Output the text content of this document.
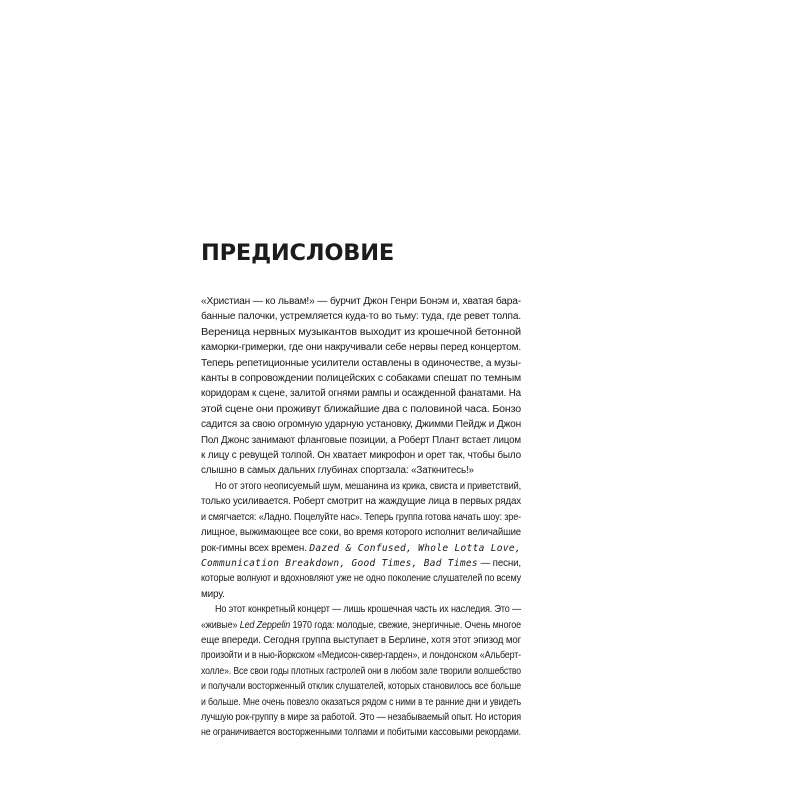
ПРЕДИСЛОВИЕ
«Христиан — ко львам!» — бурчит Джон Генри Бонэм и, хватая бара-
банные палочки, устремляется куда-то во тьму: туда, где ревет толпа.
Вереница нервных музыкантов выходит из крошечной бетонной
каморки-гримерки, где они накручивали себе нервы перед концертом.
Теперь репетиционные усилители оставлены в одиночестве, а музы-
канты в сопровождении полицейских с собаками спешат по темным
коридорам к сцене, залитой огнями рампы и осажденной фанатами. На
этой сцене они проживут ближайшие два с половиной часа. Бонзо
садится за свою огромную ударную установку, Джимми Пейдж и Джон
Пол Джонс занимают фланговые позиции, а Роберт Плант встает лицом
к лицу с ревущей толпой. Он хватает микрофон и орет так, чтобы было
слышно в самых дальних глубинах спортзала: «Заткнитесь!»
Но от этого неописуемый шум, мешанина из крика, свиста и приветствий,
только усиливается. Роберт смотрит на жаждущие лица в первых рядах
и смягчается: «Ладно. Поцелуйте нас». Теперь группа готова начать шоу: зре-
лищное, выжимающее все соки, во время которого исполнит величайшие
рок-гимны всех времен. Dazed & Confused, Whole Lotta Love,
Communication Breakdown, Good Times, Bad Times — песни,
которые волнуют и вдохновляют уже не одно поколение слушателей по всему
миру.
Но этот конкретный концерт — лишь крошечная часть их наследия. Это —
«живые» Led Zeppelin 1970 года: молодые, свежие, энергичные. Очень многое
еще впереди. Сегодня группа выступает в Берлине, хотя этот эпизод мог
произойти и в нью-йоркском «Медисон-сквер-гарден», и лондонском «Альберт-
холле». Все свои годы плотных гастролей они в любом зале творили волшебство
и получали восторженный отклик слушателей, которых становилось все больше
и больше. Мне очень повезло оказаться рядом с ними в те ранние дни и увидеть
лучшую рок-группу в мире за работой. Это — незабываемый опыт. Но история
не ограничивается восторженными толпами и побитыми кассовыми рекордами.
